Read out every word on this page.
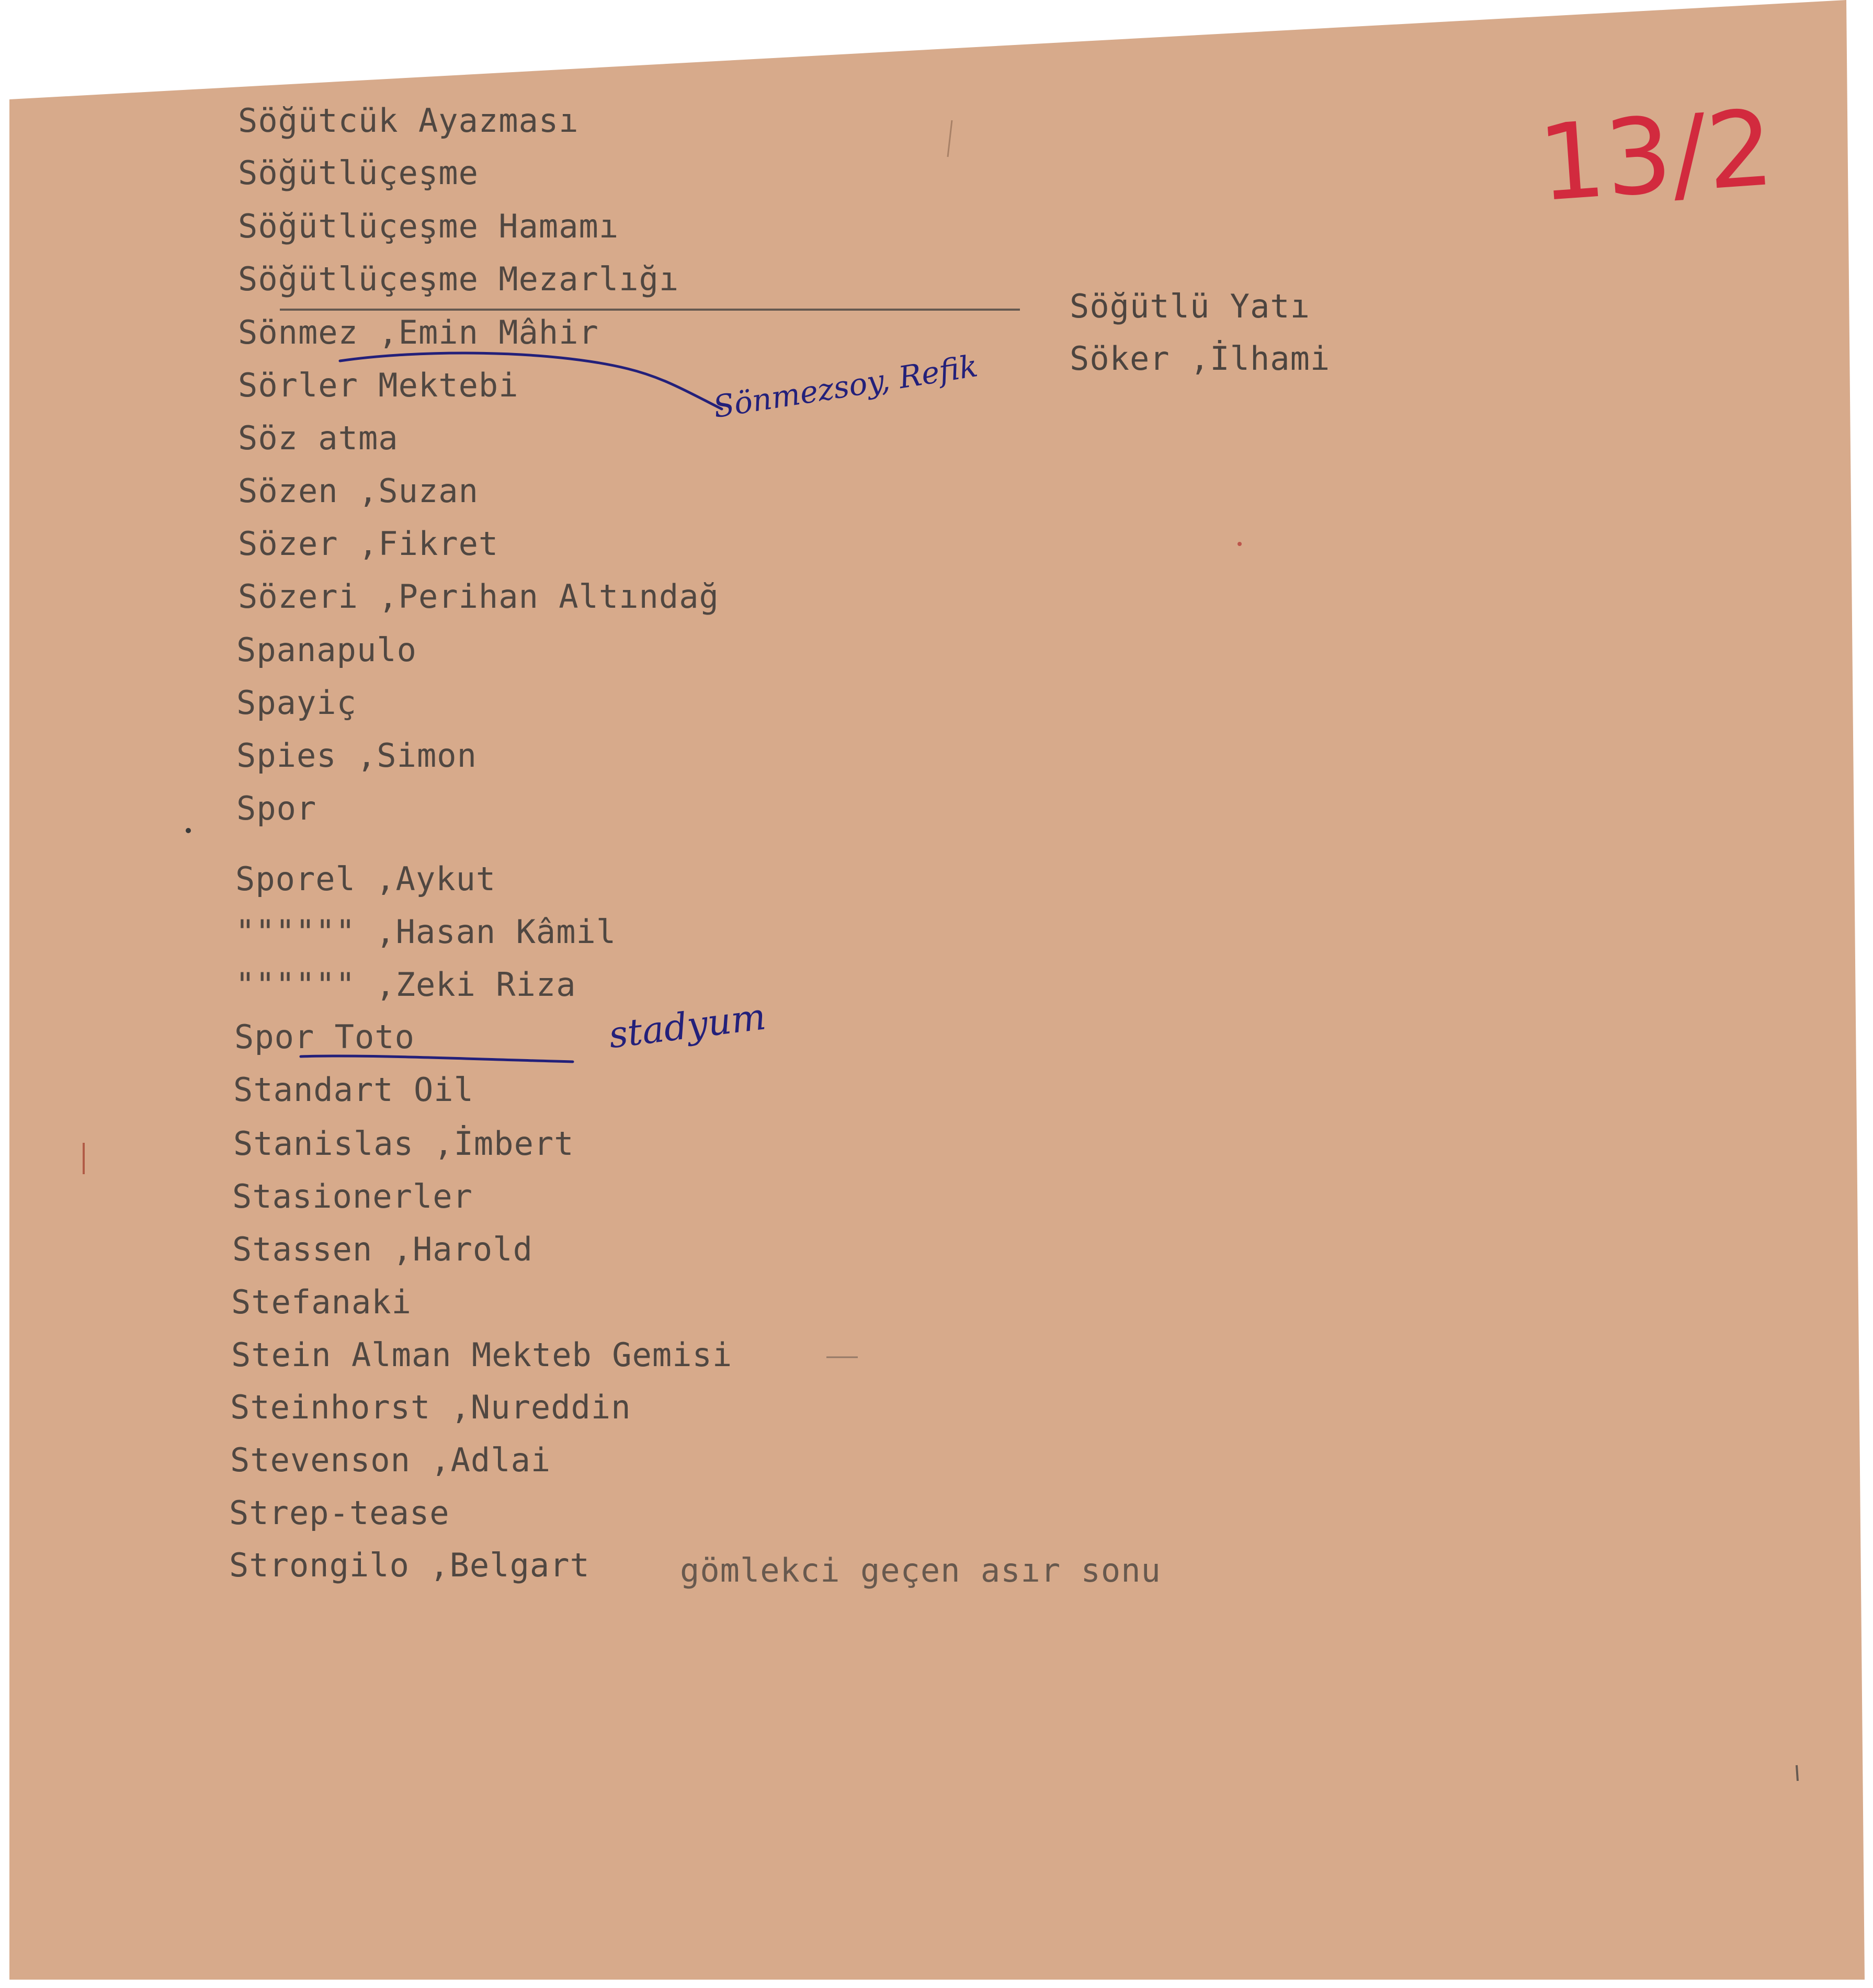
Söğütcük Ayazması
Söğütlüçeşme
Söğütlüçeşme Hamamı
Söğütlüçeşme Mezarlığı
Sönmez ,Emin Mâhir
Sörler Mektebi
Söz atma
Sözen ,Suzan
Sözer ,Fikret
Sözeri ,Perihan Altındağ
Spanapulo
Spayiç
Spies ,Simon
Spor
Sporel ,Aykut
"""""" ,Hasan Kâmil
"""""" ,Zeki Riza
Spor Toto
Standart Oil
Stanislas ,İmbert
Stasionerler
Stassen ,Harold
Stefanaki
Stein Alman Mekteb Gemisi
Steinhorst ,Nureddin
Stevenson ,Adlai
Strep-tease
Strongilo ,Belgart
Söğütlü Yatı
Söker ,İlhami
gömlekci geçen asır sonu
13/2
Sönmezsoy, Refik
stadyum
